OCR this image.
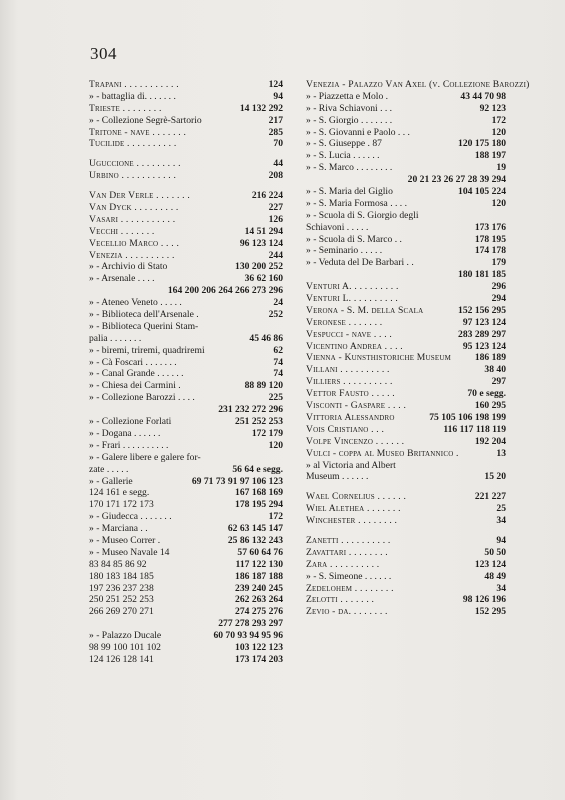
304
Trapani . . . . . . . . . . .	124
» - battaglia di. . . . . . .	94
Trieste . . . . . . . .	14 132 292
» - Collezione Segrè-Sartorio	217
Tritone - nave . . . . . . .	285
Tucilide . . . . . . . . . .	70
Uguccione . . . . . . . . .	44
Urbino . . . . . . . . . . .	208
Van Der Verle . . . . . . .	216 224
Van Dyck . . . . . . . . .	227
Vasari . . . . . . . . . . .	126
Vecchi . . . . . . .	14 51 294
Vecellio Marco . . . .	96 123 124
Venezia . . . . . . . . . .	244
» - Archivio di Stato	130 200 252
» - Arsenale . . . .	36 62 160
164 200 206 264 266 273 296
» - Ateneo Veneto . . . . .	24
» - Biblioteca dell'Arsenale .	252
» - Biblioteca Querini Stam-
palia . . . . . . .	45 46 86
» - biremi, triremi, quadriremi	62
» - Cà Foscari . . . . . . .	74
» - Canal Grande . . . . . .	74
» - Chiesa dei Carmini .	88 89 120
» - Collezione Barozzi . . . .	225
231 232 272 296
» - Collezione Forlati	251 252 253
» - Dogana . . . . . .	172 179
» - Frari . . . . . . . . . .	120
» - Galere libere e galere for-
zate . . . . .	56 64 e segg.
» - Gallerie	69 71 73 91 97 106 123
124 161 e segg.	167 168 169
170 171 172 173	178 195 294
» - Giudecca . . . . . . .	172
» - Marciana . .	62 63 145 147
» - Museo Correr .	25 86 132 243
» - Museo Navale 14	57 60 64 76
83 84 85 86 92	117 122 130
180 183 184 185	186 187 188
197 236 237 238	239 240 245
250 251 252 253	262 263 264
266 269 270 271	274 275 276
277 278 293 297
» - Palazzo Ducale	60 70 93 94 95 96
98 99 100 101 102	103 122 123
124 126 128 141	173 174 203
Venezia - Palazzo Van Axel (v. Collezione Barozzi)
» - Piazzetta e Molo .	43 44 70 98
» - Riva Schiavoni . . .	92 123
» - S. Giorgio . . . . . . .	172
» - S. Giovanni e Paolo . . .	120
» - S. Giuseppe . 87	120 175 180
» - S. Lucia . . . . . .	188 197
» - S. Marco . . . . . . . .	19
20 21 23 26 27 28 39 294
» - S. Maria del Giglio	104 105 224
» - S. Maria Formosa . . . .	120
» - Scuola di S. Giorgio degli
Schiavoni . . . . .	173 176
» - Scuola di S. Marco . .	178 195
» - Seminario . . . . .	174 178
» - Veduta del De Barbari . .	179
180 181 185
Venturi A. . . . . . . . . .	296
Venturi L. . . . . . . . . .	294
Verona - S. M. della Scala	152 156 295
Veronese . . . . . . .	97 123 124
Vespucci - nave . . . .	283 289 297
Vicentino Andrea . . . .	95 123 124
Vienna - Kunsthistoriche Museum 186 189
Villani . . . . . . . . . .	38 40
Villiers . . . . . . . . . .	297
Vettor Fausto . . . . .	70 e segg.
Visconti - Gaspare . . . .	160 295
Vittoria Alessandro	75 105 106 198 199
Vois Cristiano . . .	116 117 118 119
Volpe Vincenzo . . . . . .	192 204
Vulci - coppa al Museo Britannico .	13
» al Victoria and Albert
Museum . . . . . .	15 20
Wael Cornelius . . . . . .	221 227
Wiel Alethea . . . . . . .	25
Winchester . . . . . . . .	34
Zanetti . . . . . . . . . .	94
Zavattari . . . . . . . .	50 50
Zara . . . . . . . . . .	123 124
» - S. Simeone . . . . . .	48 49
Zedelohem . . . . . . . .	34
Zelotti . . . . . . .	98 126 196
Zevio - da. . . . . . . .	152 295
